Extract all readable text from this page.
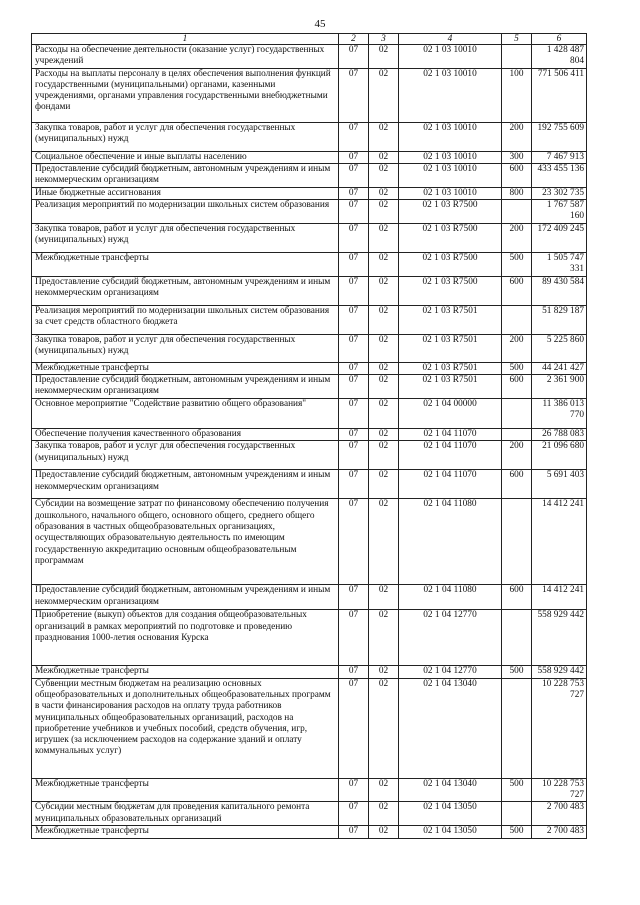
45
1	2	3	4	5	6
Расходы на обеспечение деятельности (оказание услуг) государственных учреждений	07	02	02 1 03 10010		1 428 487 804
Расходы на выплаты персоналу в целях обеспечения выполнения функций государственными (муниципальными) органами, казенными учреждениями, органами управления государственными внебюджетными фондами	07	02	02 1 03 10010	100	771 506 411
Закупка товаров, работ и услуг для обеспечения государственных (муниципальных) нужд	07	02	02 1 03 10010	200	192 755 609
Социальное обеспечение и иные выплаты населению	07	02	02 1 03 10010	300	7 467 913
Предоставление субсидий бюджетным, автономным учреждениям и иным некоммерческим организациям	07	02	02 1 03 10010	600	433 455 136
Иные бюджетные ассигнования	07	02	02 1 03 10010	800	23 302 735
Реализация мероприятий по модернизации школьных систем образования	07	02	02 1 03 R7500		1 767 587 160
Закупка товаров, работ и услуг для обеспечения государственных (муниципальных) нужд	07	02	02 1 03 R7500	200	172 409 245
Межбюджетные трансферты	07	02	02 1 03 R7500	500	1 505 747 331
Предоставление субсидий бюджетным, автономным учреждениям и иным некоммерческим организациям	07	02	02 1 03 R7500	600	89 430 584
Реализация мероприятий по модернизации школьных систем образования за счет средств областного бюджета	07	02	02 1 03 R7501		51 829 187
Закупка товаров, работ и услуг для обеспечения государственных (муниципальных) нужд	07	02	02 1 03 R7501	200	5 225 860
Межбюджетные трансферты	07	02	02 1 03 R7501	500	44 241 427
Предоставление субсидий бюджетным, автономным учреждениям и иным некоммерческим организациям	07	02	02 1 03 R7501	600	2 361 900
Основное мероприятие "Содействие развитию общего образования"	07	02	02 1 04 00000		11 386 013 770
Обеспечение получения качественного образования	07	02	02 1 04 11070		26 788 083
Закупка товаров, работ и услуг для обеспечения государственных (муниципальных) нужд	07	02	02 1 04 11070	200	21 096 680
Предоставление субсидий бюджетным, автономным учреждениям и иным некоммерческим организациям	07	02	02 1 04 11070	600	5 691 403
Субсидии на возмещение затрат по финансовому обеспечению получения дошкольного, начального общего, основного общего, среднего общего образования в частных общеобразовательных организациях, осуществляющих образовательную деятельность по имеющим государственную аккредитацию основным общеобразовательным программам	07	02	02 1 04 11080		14 412 241
Предоставление субсидий бюджетным, автономным учреждениям и иным некоммерческим организациям	07	02	02 1 04 11080	600	14 412 241
Приобретение (выкуп) объектов для создания общеобразовательных организаций в рамках мероприятий по подготовке и проведению празднования 1000-летия основания Курска	07	02	02 1 04 12770		558 929 442
Межбюджетные трансферты	07	02	02 1 04 12770	500	558 929 442
Субвенции местным бюджетам на реализацию основных общеобразовательных и дополнительных общеобразовательных программ в части финансирования расходов на оплату труда работников муниципальных общеобразовательных организаций, расходов на приобретение учебников и учебных пособий, средств обучения, игр, игрушек (за исключением расходов на содержание зданий и оплату коммунальных услуг)	07	02	02 1 04 13040		10 228 753 727
Межбюджетные трансферты	07	02	02 1 04 13040	500	10 228 753 727
Субсидии местным бюджетам для проведения капитального ремонта муниципальных образовательных организаций	07	02	02 1 04 13050		2 700 483
Межбюджетные трансферты	07	02	02 1 04 13050	500	2 700 483
